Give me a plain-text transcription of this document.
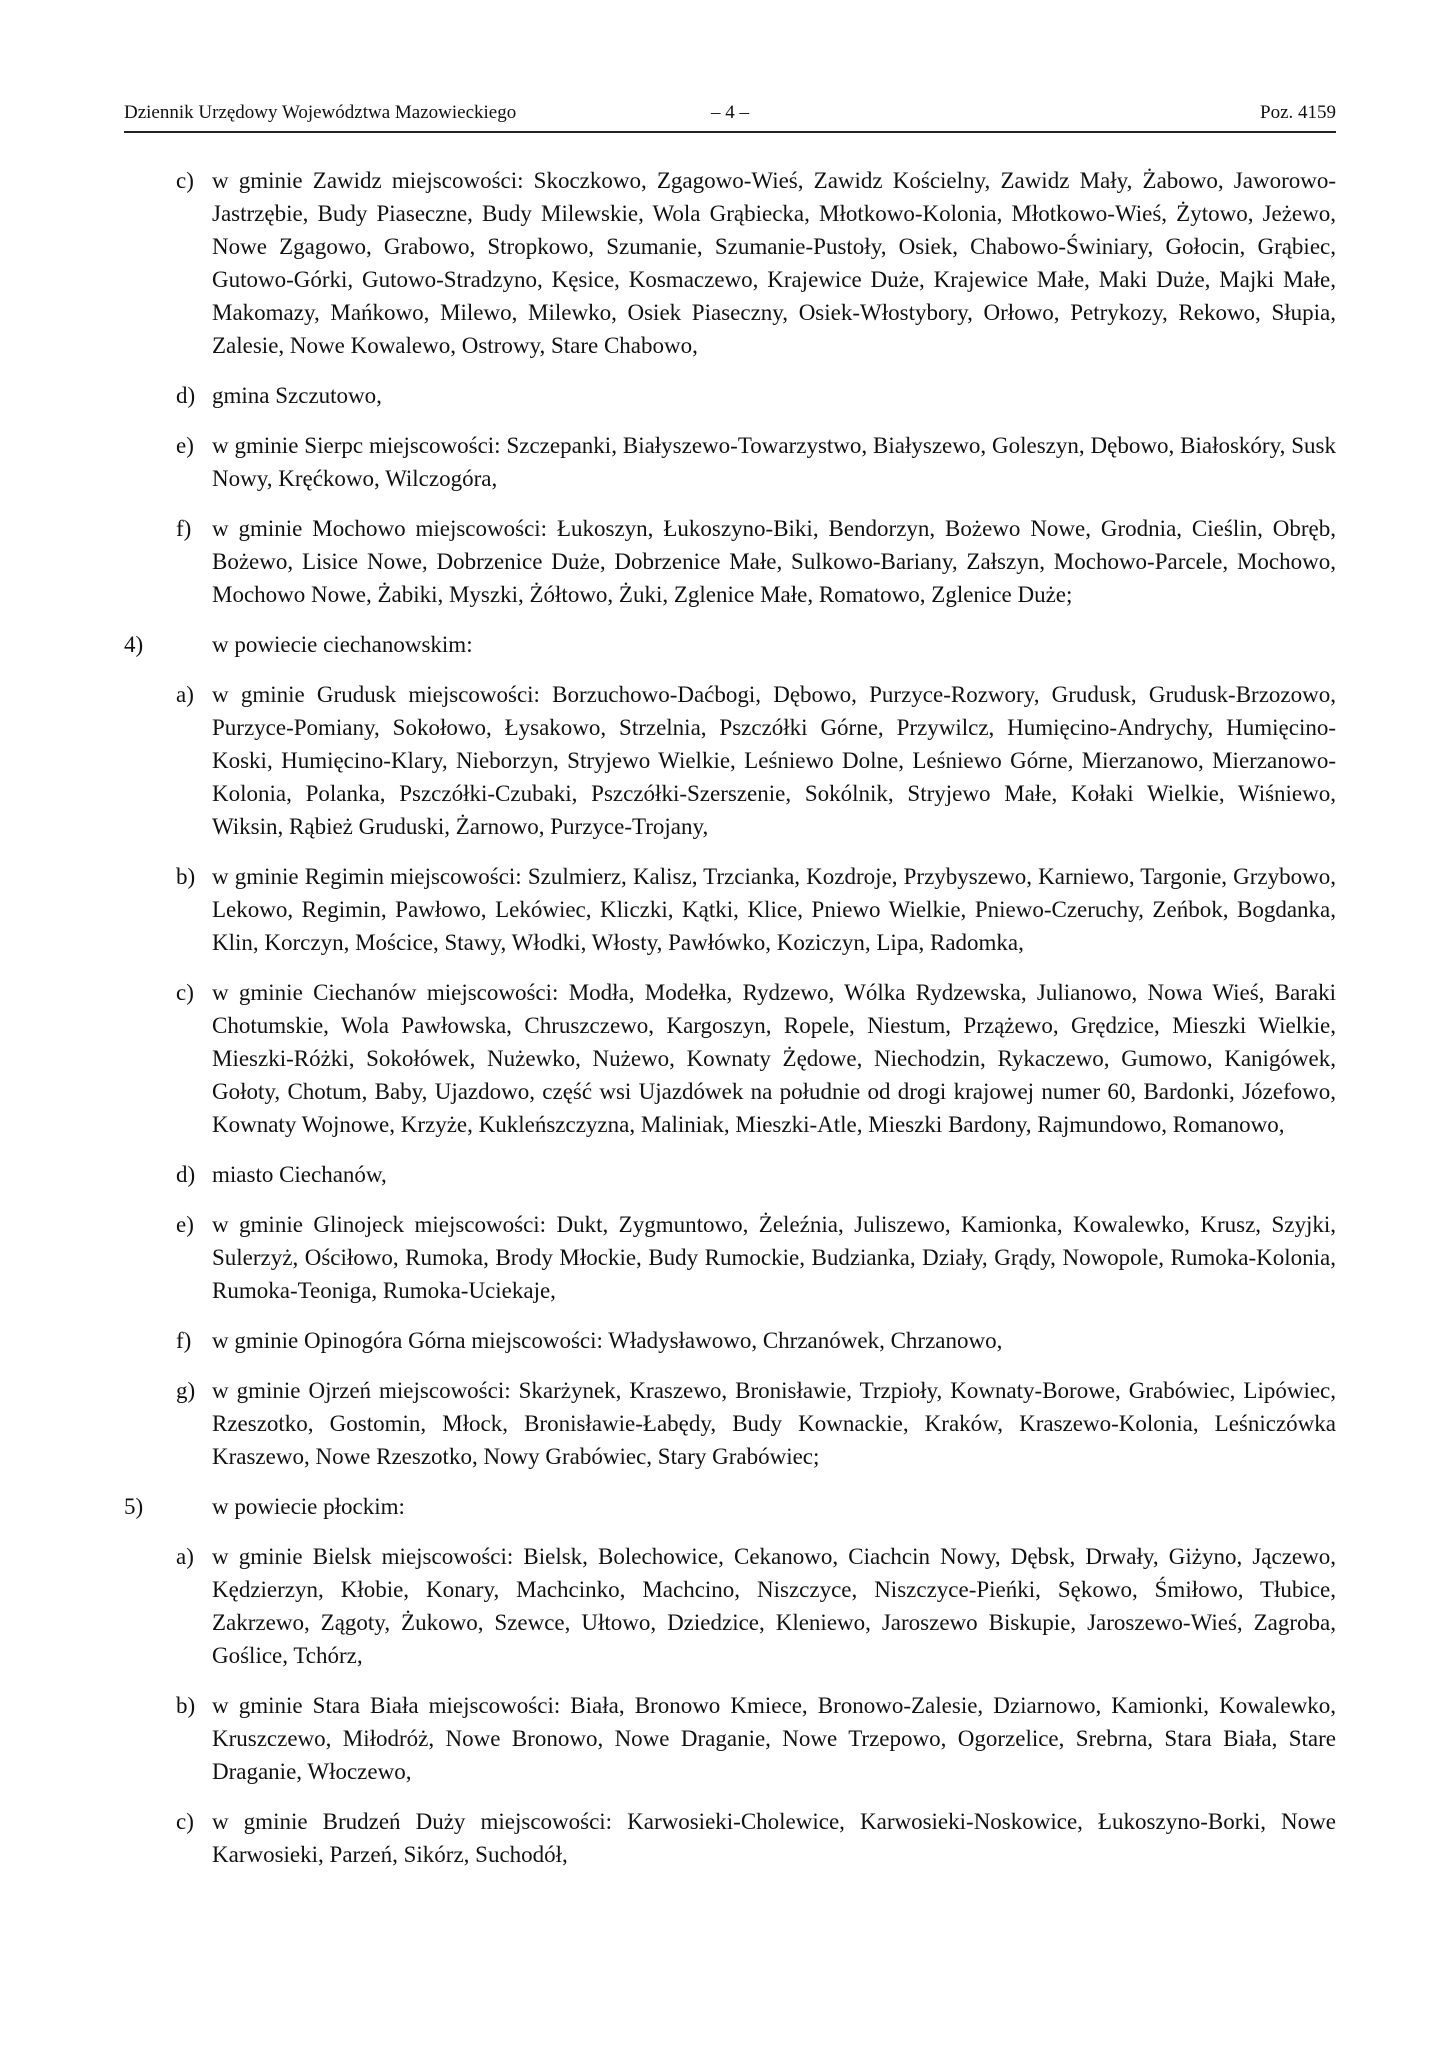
Dziennik Urzędowy Województwa Mazowieckiego	– 4 –	Poz. 4159
c) w gminie Zawidz miejscowości: Skoczkowo, Zgagowo-Wieś, Zawidz Kościelny, Zawidz Mały, Żabowo, Jaworowo-Jastrzębie, Budy Piaseczne, Budy Milewskie, Wola Grąbiecka, Młotkowo-Kolonia, Młotkowo-Wieś, Żytowo, Jeżewo, Nowe Zgagowo, Grabowo, Stropkowo, Szumanie, Szumanie-Pustoły, Osiek, Chabowo-Świniary, Gołocin, Grąbiec, Gutowo-Górki, Gutowo-Stradzyno, Kęsice, Kosmaczewo, Krajewice Duże, Krajewice Małe, Maki Duże, Majki Małe, Makomazy, Mańkowo, Milewo, Milewko, Osiek Piaseczny, Osiek-Włostybory, Orłowo, Petrykozy, Rekowo, Słupia, Zalesie, Nowe Kowalewo, Ostrowy, Stare Chabowo,
d) gmina Szczutowo,
e) w gminie Sierpc miejscowości: Szczepanki, Białyszewo-Towarzystwo, Białyszewo, Goleszyn, Dębowo, Białoskóry, Susk Nowy, Kręćkowo, Wilczogóra,
f) w gminie Mochowo miejscowości: Łukoszyn, Łukoszyno-Biki, Bendorzyn, Bożewo Nowe, Grodnia, Cieślin, Obręb, Bożewo, Lisice Nowe, Dobrzenice Duże, Dobrzenice Małe, Sulkowo-Bariany, Załszyn, Mochowo-Parcele, Mochowo, Mochowo Nowe, Żabiki, Myszki, Żółtowo, Żuki, Zglenice Małe, Romatowo, Zglenice Duże;
4)	w powiecie ciechanowskim:
a) w gminie Grudusk miejscowości: Borzuchowo-Daćbogi, Dębowo, Purzyce-Rozwory, Grudusk, Grudusk-Brzozowo, Purzyce-Pomiany, Sokołowo, Łysakowo, Strzelnia, Pszczółki Górne, Przywilcz, Humięcino-Andrychy, Humięcino-Koski, Humięcino-Klary, Nieborzyn, Stryjewo Wielkie, Leśniewo Dolne, Leśniewo Górne, Mierzanowo, Mierzanowo-Kolonia, Polanka, Pszczółki-Czubaki, Pszczółki-Szerszenie, Sokólnik, Stryjewo Małe, Kołaki Wielkie, Wiśniewo, Wiksin, Rąbież Gruduski, Żarnowo, Purzyce-Trojany,
b) w gminie Regimin miejscowości: Szulmierz, Kalisz, Trzcianka, Kozdroje, Przybyszewo, Karniewo, Targonie, Grzybowo, Lekowo, Regimin, Pawłowo, Lekówiec, Kliczki, Kątki, Klice, Pniewo Wielkie, Pniewo-Czeruchy, Zeńbok, Bogdanka, Klin, Korczyn, Mościce, Stawy, Włodki, Włosty, Pawłówko, Koziczyn, Lipa, Radomka,
c) w gminie Ciechanów miejscowości: Modła, Modełka, Rydzewo, Wólka Rydzewska, Julianowo, Nowa Wieś, Baraki Chotumskie, Wola Pawłowska, Chruszczewo, Kargoszyn, Ropele, Niestum, Przążewo, Grędzice, Mieszki Wielkie, Mieszki-Różki, Sokołówek, Nużewko, Nużewo, Kownaty Żędowe, Niechodzin, Rykaczewo, Gumowo, Kanigówek, Gołoty, Chotum, Baby, Ujazdowo, część wsi Ujazdówek na południe od drogi krajowej numer 60, Bardonki, Józefowo, Kownaty Wojnowe, Krzyże, Kukleńszczyzna, Maliniak, Mieszki-Atle, Mieszki Bardony, Rajmundowo, Romanowo,
d) miasto Ciechanów,
e) w gminie Glinojeck miejscowości: Dukt, Zygmuntowo, Żeleźnia, Juliszewo, Kamionka, Kowalewko, Krusz, Szyjki, Sulerzyż, Ościłowo, Rumoka, Brody Młockie, Budy Rumockie, Budzianka, Działy, Grądy, Nowopole, Rumoka-Kolonia, Rumoka-Teoniga, Rumoka-Uciekaje,
f) w gminie Opinogóra Górna miejscowości: Władysławowo, Chrzanówek, Chrzanowo,
g) w gminie Ojrzeń miejscowości: Skarżynek, Kraszewo, Bronisławie, Trzpioły, Kownaty-Borowe, Grabówiec, Lipówiec, Rzeszotko, Gostomin, Młock, Bronisławie-Łabędy, Budy Kownackie, Kraków, Kraszewo-Kolonia, Leśniczówka Kraszewo, Nowe Rzeszotko, Nowy Grabówiec, Stary Grabówiec;
5)	w powiecie płockim:
a) w gminie Bielsk miejscowości: Bielsk, Bolechowice, Cekanowo, Ciachcin Nowy, Dębsk, Drwały, Giżyno, Jączewo, Kędzierzyn, Kłobie, Konary, Machcinko, Machcino, Niszczyce, Niszczyce-Pieńki, Sękowo, Śmiłowo, Tłubice, Zakrzewo, Zągoty, Żukowo, Szewce, Ułtowo, Dziedzice, Kleniewo, Jaroszewo Biskupie, Jaroszewo-Wieś, Zagroba, Goślice, Tchórz,
b) w gminie Stara Biała miejscowości: Biała, Bronowo Kmiece, Bronowo-Zalesie, Dziarnowo, Kamionki, Kowalewko, Kruszczewo, Miłodróż, Nowe Bronowo, Nowe Draganie, Nowe Trzepowo, Ogorzelice, Srebrna, Stara Biała, Stare Draganie, Włoczewo,
c) w gminie Brudzeń Duży miejscowości: Karwosieki-Cholewice, Karwosieki-Noskowice, Łukoszyno-Borki, Nowe Karwosieki, Parzeń, Sikórz, Suchodół,
